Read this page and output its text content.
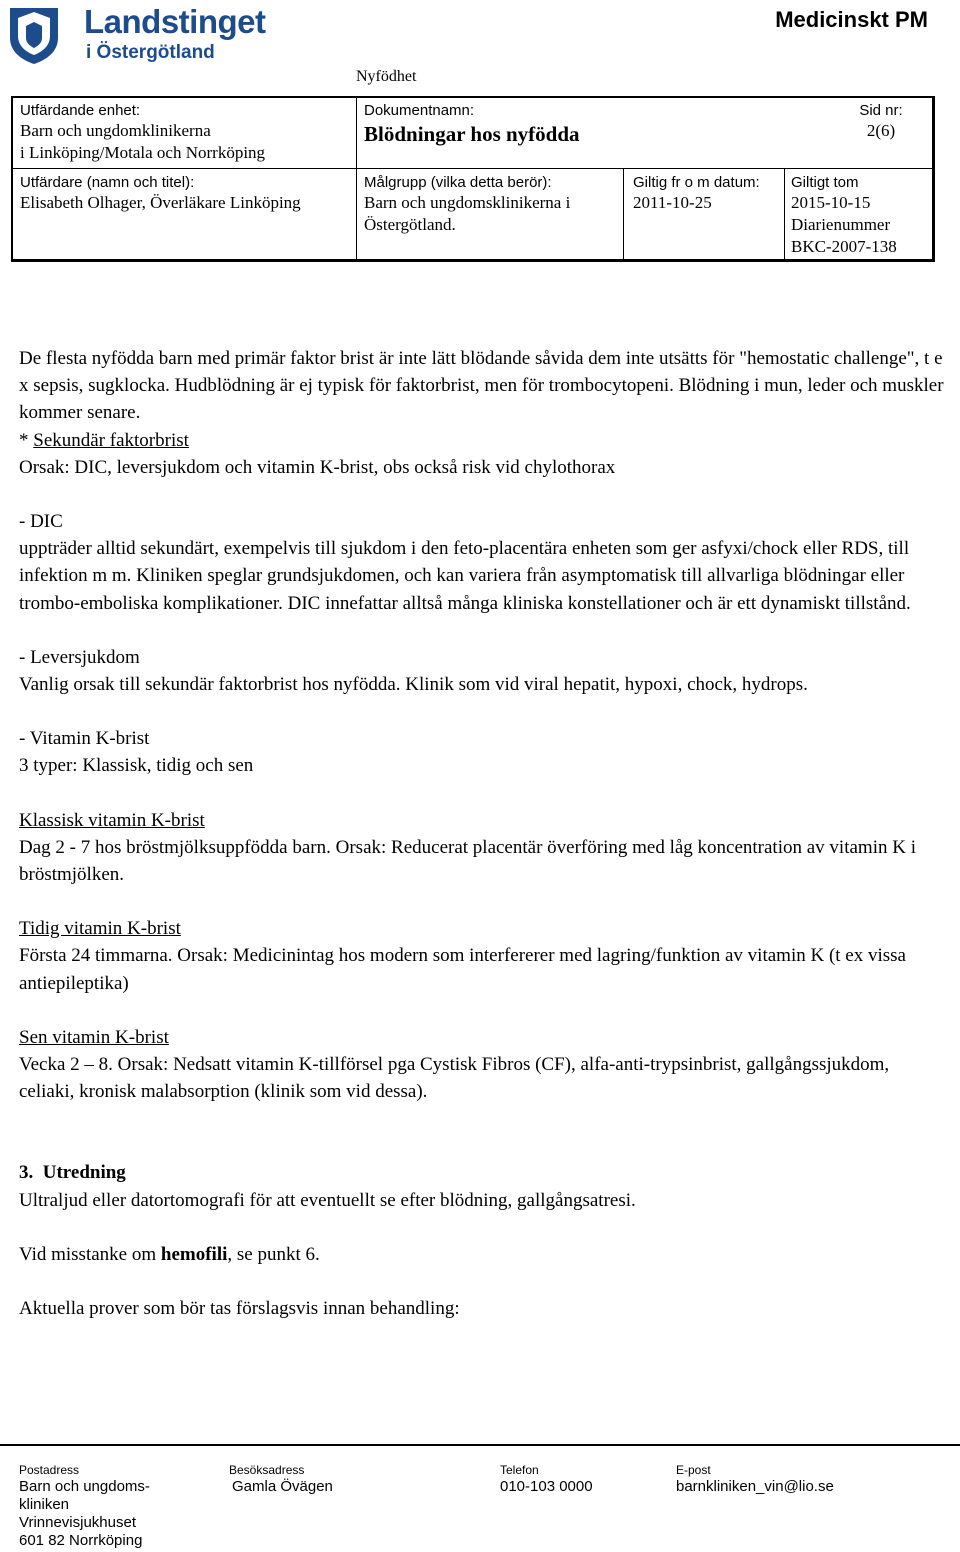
Landstinget
i Östergötland
Medicinskt PM
Nyfödhet
Utfärdande enhet:
Barn och ungdomklinikerna
i Linköping/Motala och Norrköping
Dokumentnamn:
Blödningar hos nyfödda
Sid nr:
2(6)
Utfärdare (namn och titel):
Elisabeth Olhager, Överläkare Linköping
Målgrupp (vilka detta berör):
Barn och ungdomsklinikerna i
Östergötland.
Giltig fr o m datum:
2011-10-25
Giltigt tom
2015-10-15
Diarienummer
BKC-2007-138

De flesta nyfödda barn med primär faktor brist är inte lätt blödande såvida dem inte utsätts för "hemostatic challenge", t e x sepsis, sugklocka. Hudblödning är ej typisk för faktorbrist, men för trombocytopeni. Blödning i mun, leder och muskler kommer senare.

* Sekundär faktorbrist

Orsak: DIC, leversjukdom och vitamin K-brist, obs också risk vid chylothorax

- DIC

uppträder alltid sekundärt, exempelvis till sjukdom i den feto-placentära enheten som ger asfyxi/chock eller RDS, till infektion m m. Kliniken speglar grundsjukdomen, och kan variera från asymptomatisk till allvarliga blödningar eller trombo-emboliska komplikationer. DIC innefattar alltså många kliniska konstellationer och är ett dynamiskt tillstånd.

- Leversjukdom

Vanlig orsak till sekundär faktorbrist hos nyfödda. Klinik som vid viral hepatit, hypoxi, chock, hydrops.

- Vitamin K-brist

3 typer: Klassisk, tidig och sen

Klassisk vitamin K-brist

Dag 2 - 7 hos bröstmjölksuppfödda barn. Orsak: Reducerat placentär överföring med låg koncentration av vitamin K i bröstmjölken.

Tidig vitamin K-brist

Första 24 timmarna. Orsak: Medicinintag hos modern som interfererer med lagring/funktion av vitamin K (t ex vissa antiepileptika)

Sen vitamin K-brist

Vecka 2 – 8. Orsak: Nedsatt vitamin K-tillförsel pga Cystisk Fibros (CF), alfa-anti-trypsinbrist, gallgångssjukdom, celiaki, kronisk malabsorption (klinik som vid dessa).

3. Utredning

Ultraljud eller datortomografi för att eventuellt se efter blödning, gallgångsatresi.

Vid misstanke om hemofili, se punkt 6.

Aktuella prover som bör tas förslagsvis innan behandling:

Postadress
Barn och ungdoms-
kliniken
Vrinnevisjukhuset
601 82 Norrköping
Besöksadress
Gamla Övägen
Telefon
010-103 0000
E-post
barnkliniken_vin@lio.se
